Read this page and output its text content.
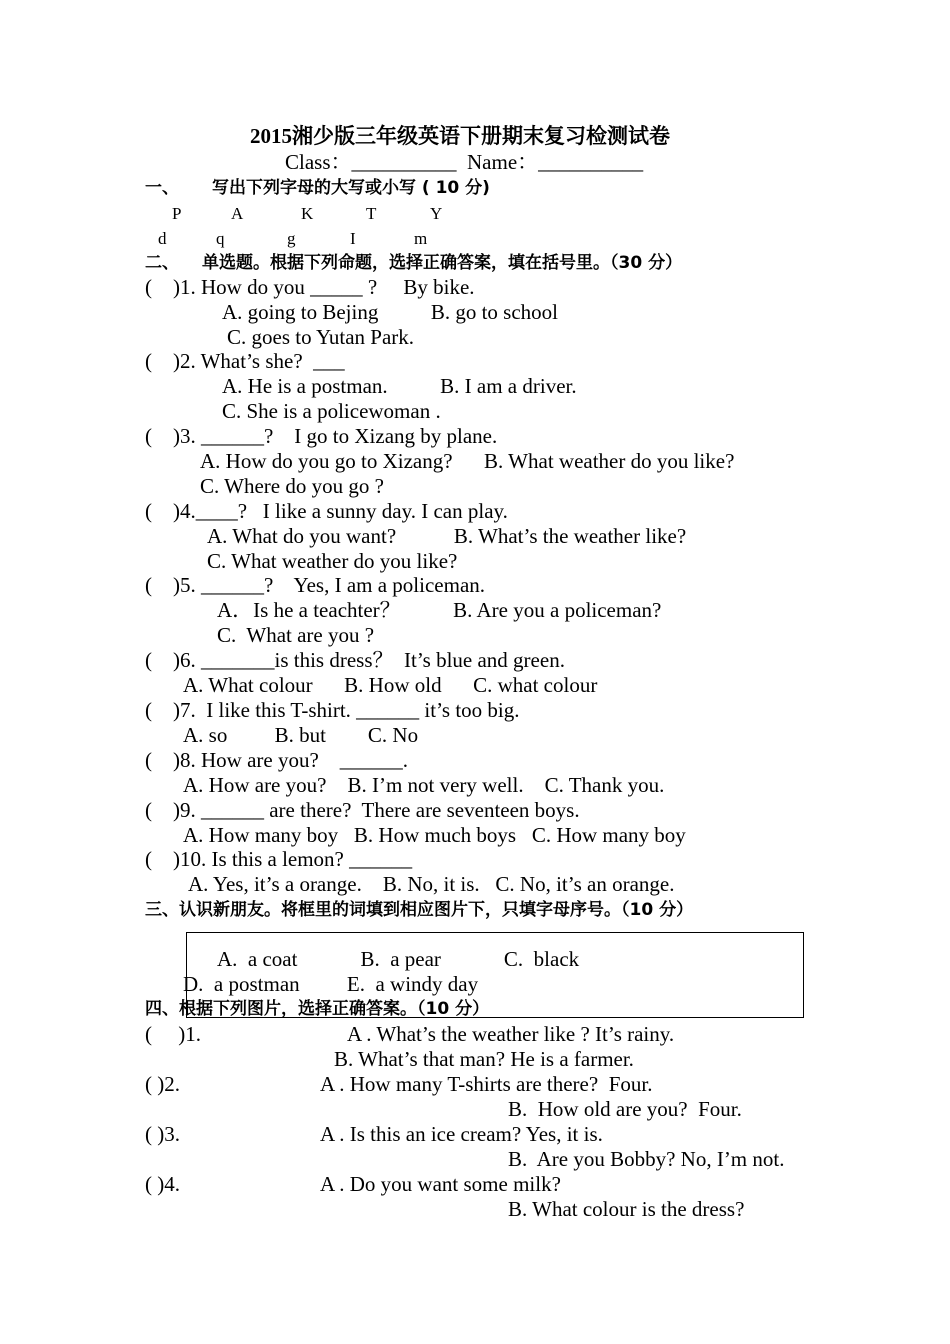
2015湘少版三年级英语下册期末复习检测试卷
Class：__________  Name：__________
一、 写出下列字母的大写或小写 ( 10 分)
P	A	K	T	Y
d	q	g	I	m
二、 单选题。根据下列命题，选择正确答案，填在括号里。（30 分）
(    )1. How do you _____ ?     By bike.
A. going to Bejing          B. go to school
C. goes to Yutan Park.
(    )2. What’s she?  ___
A. He is a postman.          B. I am a driver.
C. She is a policewoman .
(    )3. ______?    I go to Xizang by plane.
A. How do you go to Xizang?      B. What weather do you like?
C. Where do you go ?
(    )4.____?   I like a sunny day. I can play.
A. What do you want?           B. What’s the weather like?
C. What weather do you like?
(    )5. ______?    Yes, I am a policeman.
A．Is he a teachter？          B. Are you a policeman?
C.  What are you ?
(    )6. _______is this dress？  It’s blue and green.
A. What colour      B. How old      C. what colour
(    )7.  I like this T-shirt. ______ it’s too big.
A. so         B. but        C. No
(    )8. How are you?    ______.
A. How are you?    B. I’m not very well.    C. Thank you.
(    )9. ______ are there?  There are seventeen boys.
A. How many boy   B. How much boys   C. How many boy
(    )10. Is this a lemon? ______
A. Yes, it’s a orange.    B. No, it is.   C. No, it’s an orange.
三、认识新朋友。将框里的词填到相应图片下，只填字母序号。（10 分）
A.  a coat            B.  a pear            C.  black
D.  a postman         E.  a windy day
四、根据下列图片，选择正确答案。（10 分）
(     )1.	A . What’s the weather like ? It’s rainy.
B. What’s that man? He is a farmer.
( )2.	A . How many T-shirts are there?  Four.
B.  How old are you?  Four.
( )3.	A . Is this an ice cream? Yes, it is.
B.  Are you Bobby? No, I’m not.
( )4.	A . Do you want some milk?
B. What colour is the dress?
